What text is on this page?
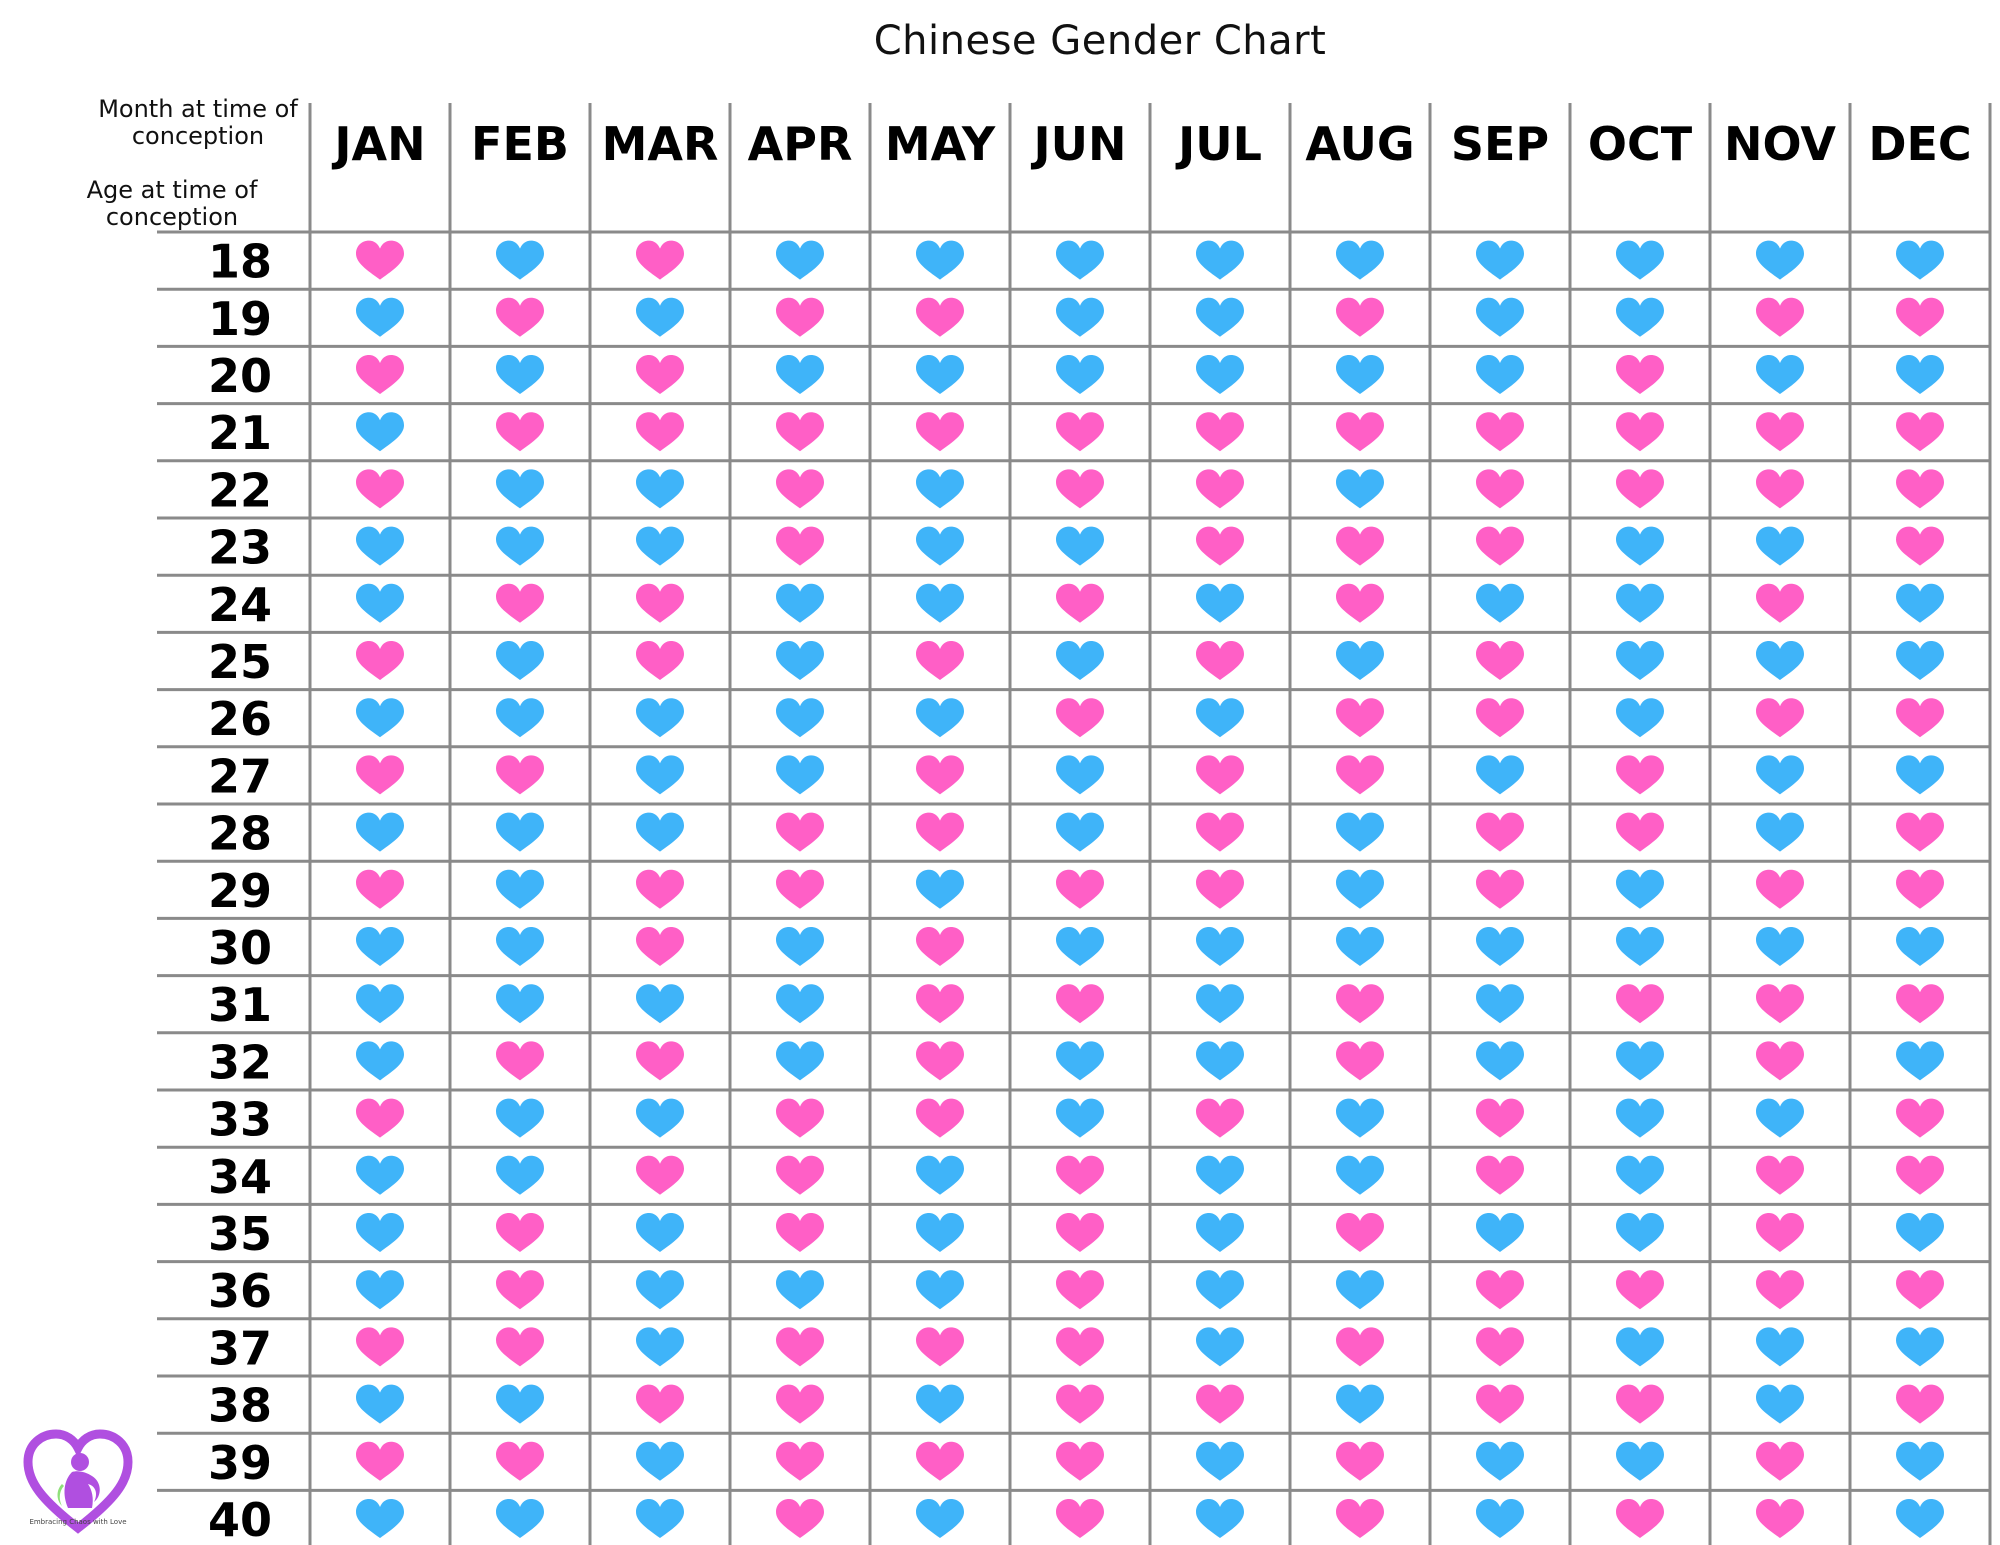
Chinese Gender Chart
Month at time of
conception
Age at time of
conception
JAN FEB MAR APR MAY JUN JUL AUG SEP OCT NOV DEC
18
19
20
21
22
23
24
25
26
27
28
29
30
31
32
33
34
35
36
37
38
39
40
Embracing Chaos with Love
